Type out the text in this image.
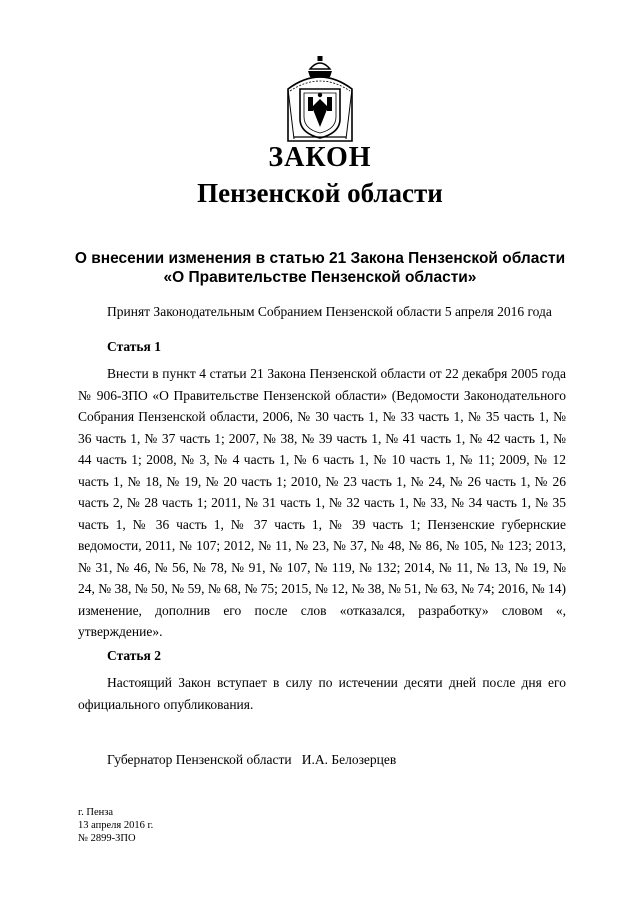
ЗАКОН
Пензенской области
О внесении изменения в статью 21 Закона Пензенской области
«О Правительстве Пензенской области»

Принят Законодательным Собранием Пензенской области 5 апреля 2016 года

Статья 1

Внести в пункт 4 статьи 21 Закона Пензенской области от 22 декабря 2005 года № 906-ЗПО «О Правительстве Пензенской области» (Ведомости Законодательного Собрания Пензенской области, 2006, № 30 часть 1, № 33 часть 1, № 35 часть 1, № 36 часть 1, № 37 часть 1; 2007, № 38, № 39 часть 1, № 41 часть 1, № 42 часть 1, № 44 часть 1; 2008, № 3, № 4 часть 1, № 6 часть 1, № 10 часть 1, № 11; 2009, № 12 часть 1, № 18, № 19, № 20 часть 1; 2010, № 23 часть 1, № 24, № 26 часть 1, № 26 часть 2, № 28 часть 1; 2011, № 31 часть 1, № 32 часть 1, № 33, № 34 часть 1, № 35 часть 1, № 36 часть 1, № 37 часть 1, № 39 часть 1; Пензенские губернские ведомости, 2011, № 107; 2012, № 11, № 23, № 37, № 48, № 86, № 105, № 123; 2013, № 31, № 46, № 56, № 78, № 91, № 107, № 119, № 132; 2014, № 11, № 13, № 19, № 24, № 38, № 50, № 59, № 68, № 75; 2015, № 12, № 38, № 51, № 63, № 74; 2016, № 14) изменение, дополнив его после слов «отказался, разработку» словом «, утверждение».

Статья 2

Настоящий Закон вступает в силу по истечении десяти дней после дня его официального опубликования.

Губернатор Пензенской области И.А. Белозерцев

г. Пенза
13 апреля 2016 г.
№ 2899-ЗПО
